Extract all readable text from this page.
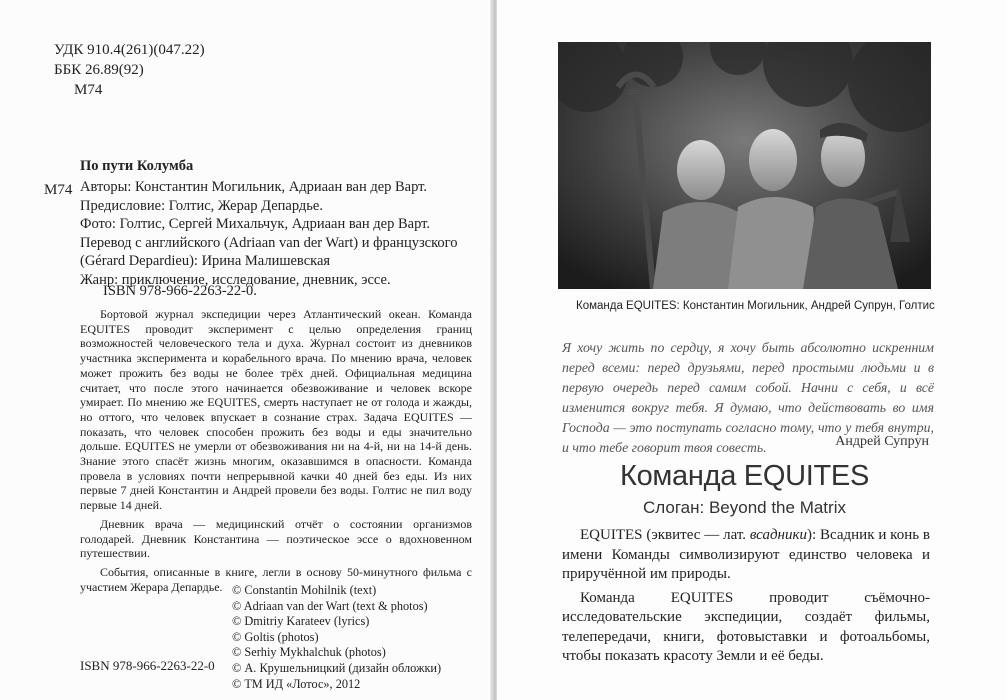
УДК 910.4(261)(047.22)
ББК 26.89(92)
М74
По пути Колумба
М74 Авторы: Константин Могильник, Адриаан ван дер Варт.
Предисловие: Голтис, Жерар Депардье.
Фото: Голтис, Сергей Михальчук, Адриаан ван дер Варт.
Перевод с английского (Adriaan van der Wart) и французского
(Gérard Depardieu): Ирина Малишевская
Жанр: приключение, исследование, дневник, эссе.
ISBN 978-966-2263-22-0.

Бортовой журнал экспедиции через Атлантический океан. Команда EQUITES проводит эксперимент с целью определения границ возможностей человеческого тела и духа. Журнал состоит из дневников участника эксперимента и корабельного врача. По мнению врача, человек может прожить без воды не более трёх дней. Официальная медицина считает, что после этого начинается обезвоживание и человек вскоре умирает. По мнению же EQUITES, смерть наступает не от голода и жажды, но оттого, что человек впускает в сознание страх. Задача EQUITES — показать, что человек способен прожить без воды и еды значительно дольше. EQUITES не умерли от обезвоживания ни на 4-й, ни на 14-й день. Знание этого спасёт жизнь многим, оказавшимся в опасности. Команда провела в условиях почти непрерывной качки 40 дней без еды. Из них первые 7 дней Константин и Андрей провели без воды. Голтис не пил воду первые 14 дней.

Дневник врача — медицинский отчёт о состоянии организмов голодарей. Дневник Константина — поэтическое эссе о вдохновенном путешествии.

События, описанные в книге, легли в основу 50-минутного фильма с участием Жерара Депардье. © Constantin Mohilnik (text)
© Adriaan van der Wart (text & photos)
© Dmitriy Karateev (lyrics)
© Goltis (photos)
© Serhiy Mykhalchuk (photos)
© А. Крушельницкий (дизайн обложки)
© ТМ ИД «Лотос», 2012
ISBN 978-966-2263-22-0
Команда EQUITES: Константин Могильник, Андрей Супрун, Голтис
Я хочу жить по сердцу, я хочу быть абсолютно искренним перед всеми: перед друзьями, перед простыми людьми и в первую очередь перед самим собой. Начни с себя, и всё изменится вокруг тебя. Я думаю, что действовать во имя Господа — это поступать согласно тому, что у тебя внутри, и что тебе говорит твоя совесть.	Андрей Супрун
Команда EQUITES
Слоган: Beyond the Matrix

EQUITES (эквитес — лат. всадники): Всадник и конь в имени Команды символизируют единство человека и приручённой им природы.

Команда EQUITES проводит съёмочно-исследовательские экспедиции, создаёт фильмы, телепередачи, книги, фотовыставки и фотоальбомы, чтобы показать красоту Земли и её беды.
